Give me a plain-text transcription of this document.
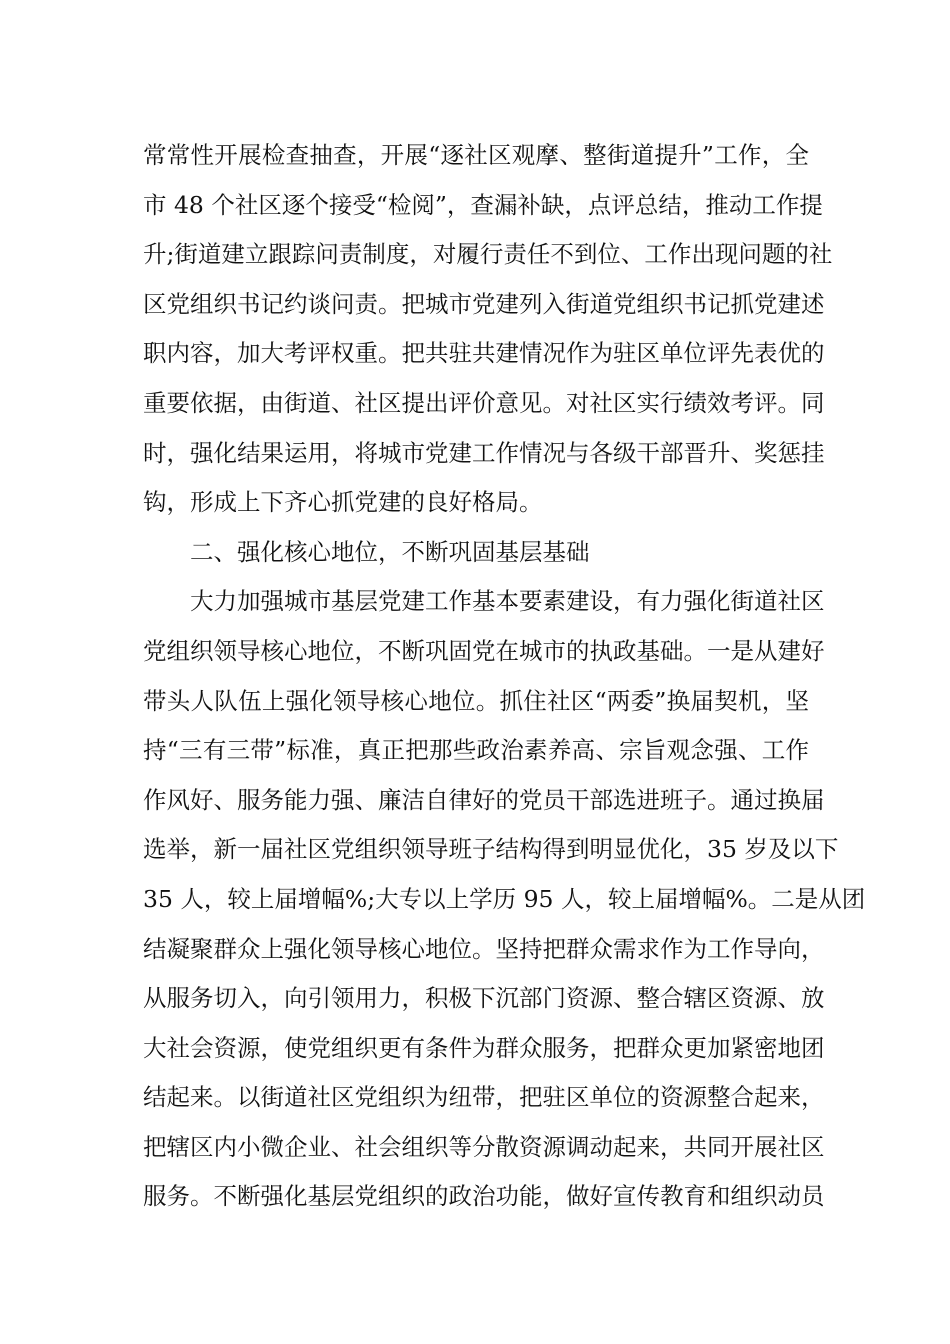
常常性开展检查抽查，开展“逐社区观摩、整街道提升”工作，全
市 48 个社区逐个接受“检阅”，查漏补缺，点评总结，推动工作提
升;街道建立跟踪问责制度，对履行责任不到位、工作出现问题的社
区党组织书记约谈问责。把城市党建列入街道党组织书记抓党建述
职内容，加大考评权重。把共驻共建情况作为驻区单位评先表优的
重要依据，由街道、社区提出评价意见。对社区实行绩效考评。同
时，强化结果运用，将城市党建工作情况与各级干部晋升、奖惩挂
钩，形成上下齐心抓党建的良好格局。
二、强化核心地位，不断巩固基层基础
大力加强城市基层党建工作基本要素建设，有力强化街道社区
党组织领导核心地位，不断巩固党在城市的执政基础。一是从建好
带头人队伍上强化领导核心地位。抓住社区“两委”换届契机，坚
持“三有三带”标准，真正把那些政治素养高、宗旨观念强、工作
作风好、服务能力强、廉洁自律好的党员干部选进班子。通过换届
选举，新一届社区党组织领导班子结构得到明显优化，35 岁及以下
35 人，较上届增幅%;大专以上学历 95 人，较上届增幅%。二是从团
结凝聚群众上强化领导核心地位。坚持把群众需求作为工作导向，
从服务切入，向引领用力，积极下沉部门资源、整合辖区资源、放
大社会资源，使党组织更有条件为群众服务，把群众更加紧密地团
结起来。以街道社区党组织为纽带，把驻区单位的资源整合起来，
把辖区内小微企业、社会组织等分散资源调动起来，共同开展社区
服务。不断强化基层党组织的政治功能，做好宣传教育和组织动员
